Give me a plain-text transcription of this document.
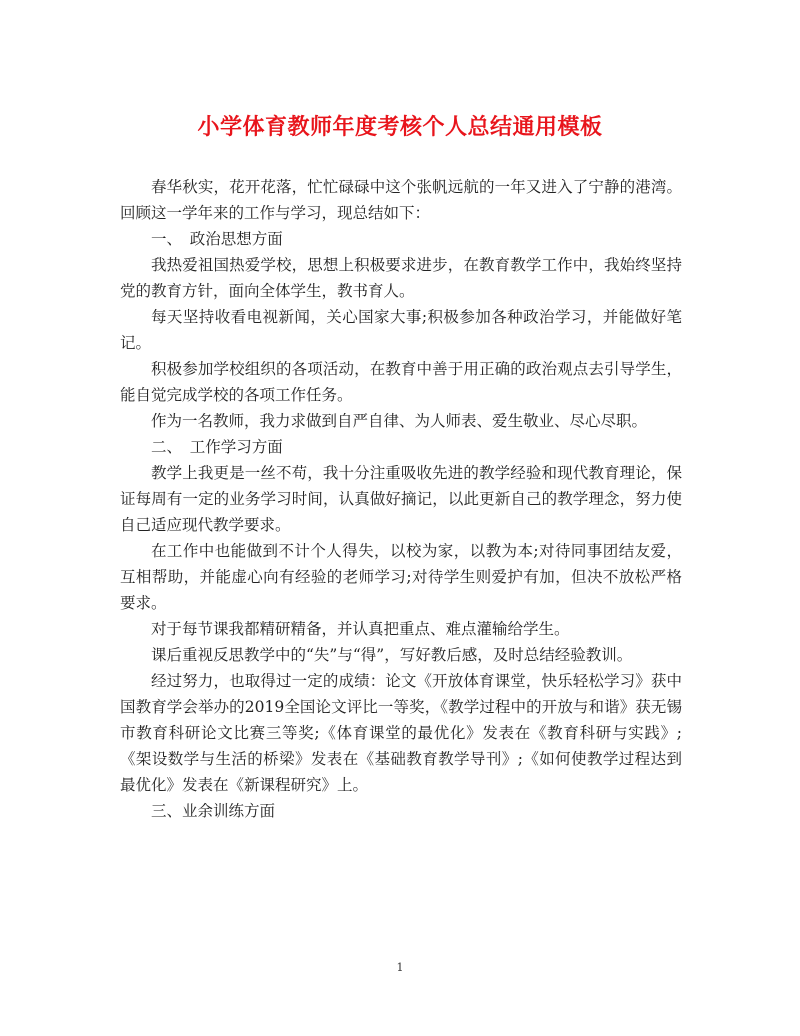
小学体育教师年度考核个人总结通用模板

春华秋实，花开花落，忙忙碌碌中这个张帆远航的一年又进入了宁静的港湾。回顾这一学年来的工作与学习，现总结如下：

一、　政治思想方面

我热爱祖国热爱学校，思想上积极要求进步，在教育教学工作中，我始终坚持党的教育方针，面向全体学生，教书育人。

每天坚持收看电视新闻，关心国家大事;积极参加各种政治学习，并能做好笔记。

积极参加学校组织的各项活动，在教育中善于用正确的政治观点去引导学生，能自觉完成学校的各项工作任务。

作为一名教师，我力求做到自严自律、为人师表、爱生敬业、尽心尽职。

二、　工作学习方面

教学上我更是一丝不苟，我十分注重吸收先进的教学经验和现代教育理论，保证每周有一定的业务学习时间，认真做好摘记，以此更新自己的教学理念，努力使自己适应现代教学要求。

在工作中也能做到不计个人得失，以校为家，以教为本;对待同事团结友爱，互相帮助，并能虚心向有经验的老师学习;对待学生则爱护有加，但决不放松严格要求。

对于每节课我都精研精备，并认真把重点、难点灌输给学生。

课后重视反思教学中的“失”与“得”，写好教后感，及时总结经验教训。

经过努力，也取得过一定的成绩：论文《开放体育课堂，快乐轻松学习》获中国教育学会举办的2019全国论文评比一等奖，《教学过程中的开放与和谐》获无锡市教育科研论文比赛三等奖;《体育课堂的最优化》发表在《教育科研与实践》;《架设数学与生活的桥梁》发表在《基础教育教学导刊》;《如何使教学过程达到最优化》发表在《新课程研究》上。

三、业余训练方面

1
